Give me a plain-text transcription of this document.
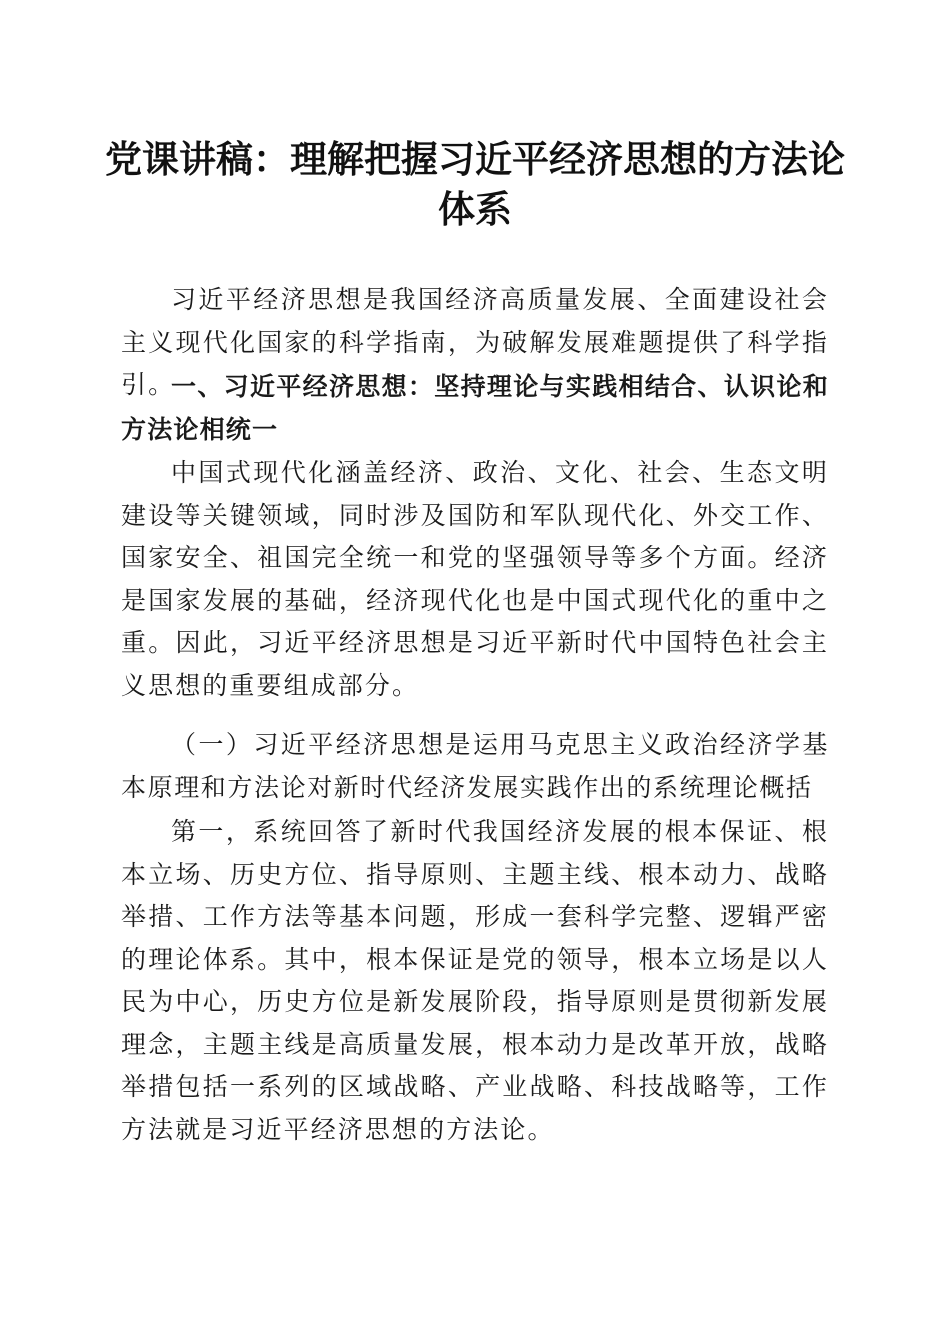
党课讲稿：理解把握习近平经济思想的方法论体系

习近平经济思想是我国经济高质量发展、全面建设社会主义现代化国家的科学指南，为破解发展难题提供了科学指引。

一、习近平经济思想：坚持理论与实践相结合、认识论和方法论相统一

中国式现代化涵盖经济、政治、文化、社会、生态文明建设等关键领域，同时涉及国防和军队现代化、外交工作、国家安全、祖国完全统一和党的坚强领导等多个方面。经济是国家发展的基础，经济现代化也是中国式现代化的重中之重。因此，习近平经济思想是习近平新时代中国特色社会主义思想的重要组成部分。

（一）习近平经济思想是运用马克思主义政治经济学基本原理和方法论对新时代经济发展实践作出的系统理论概括

第一，系统回答了新时代我国经济发展的根本保证、根本立场、历史方位、指导原则、主题主线、根本动力、战略举措、工作方法等基本问题，形成一套科学完整、逻辑严密的理论体系。其中，根本保证是党的领导，根本立场是以人民为中心，历史方位是新发展阶段，指导原则是贯彻新发展理念，主题主线是高质量发展，根本动力是改革开放，战略举措包括一系列的区域战略、产业战略、科技战略等，工作方法就是习近平经济思想的方法论。
